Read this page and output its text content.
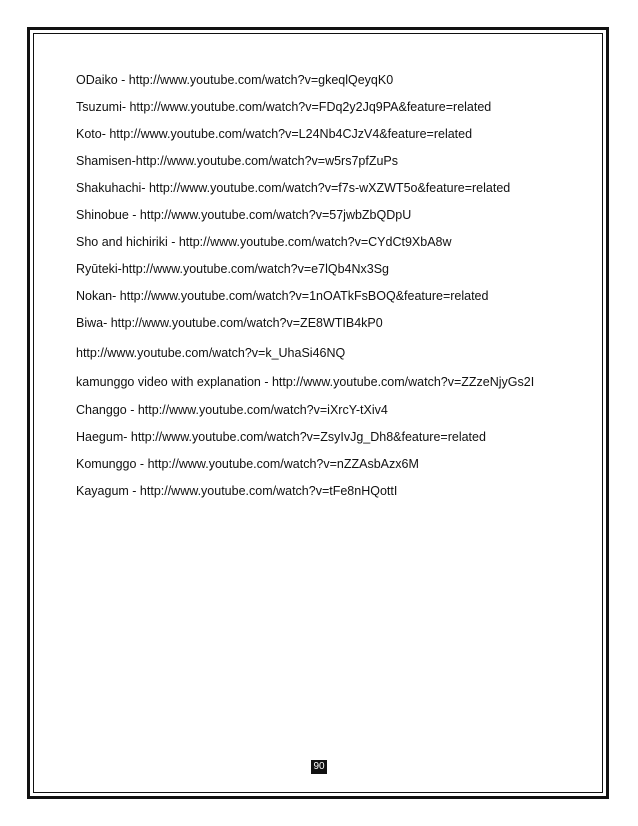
ODaiko - http://www.youtube.com/watch?v=gkeqlQeyqK0
Tsuzumi- http://www.youtube.com/watch?v=FDq2y2Jq9PA&feature=related
Koto- http://www.youtube.com/watch?v=L24Nb4CJzV4&feature=related
Shamisen-http://www.youtube.com/watch?v=w5rs7pfZuPs
Shakuhachi- http://www.youtube.com/watch?v=f7s-wXZWT5o&feature=related
Shinobue - http://www.youtube.com/watch?v=57jwbZbQDpU
Sho and hichiriki - http://www.youtube.com/watch?v=CYdCt9XbA8w
Ryūteki-http://www.youtube.com/watch?v=e7lQb4Nx3Sg
Nokan- http://www.youtube.com/watch?v=1nOATkFsBOQ&feature=related
Biwa- http://www.youtube.com/watch?v=ZE8WTIB4kP0
http://www.youtube.com/watch?v=k_UhaSi46NQ
kamunggo video with explanation - http://www.youtube.com/watch?v=ZZzeNjyGs2I
Changgo - http://www.youtube.com/watch?v=iXrcY-tXiv4
Haegum- http://www.youtube.com/watch?v=ZsyIvJg_Dh8&feature=related
Komunggo - http://www.youtube.com/watch?v=nZZAsbAzx6M
Kayagum - http://www.youtube.com/watch?v=tFe8nHQottI
90
